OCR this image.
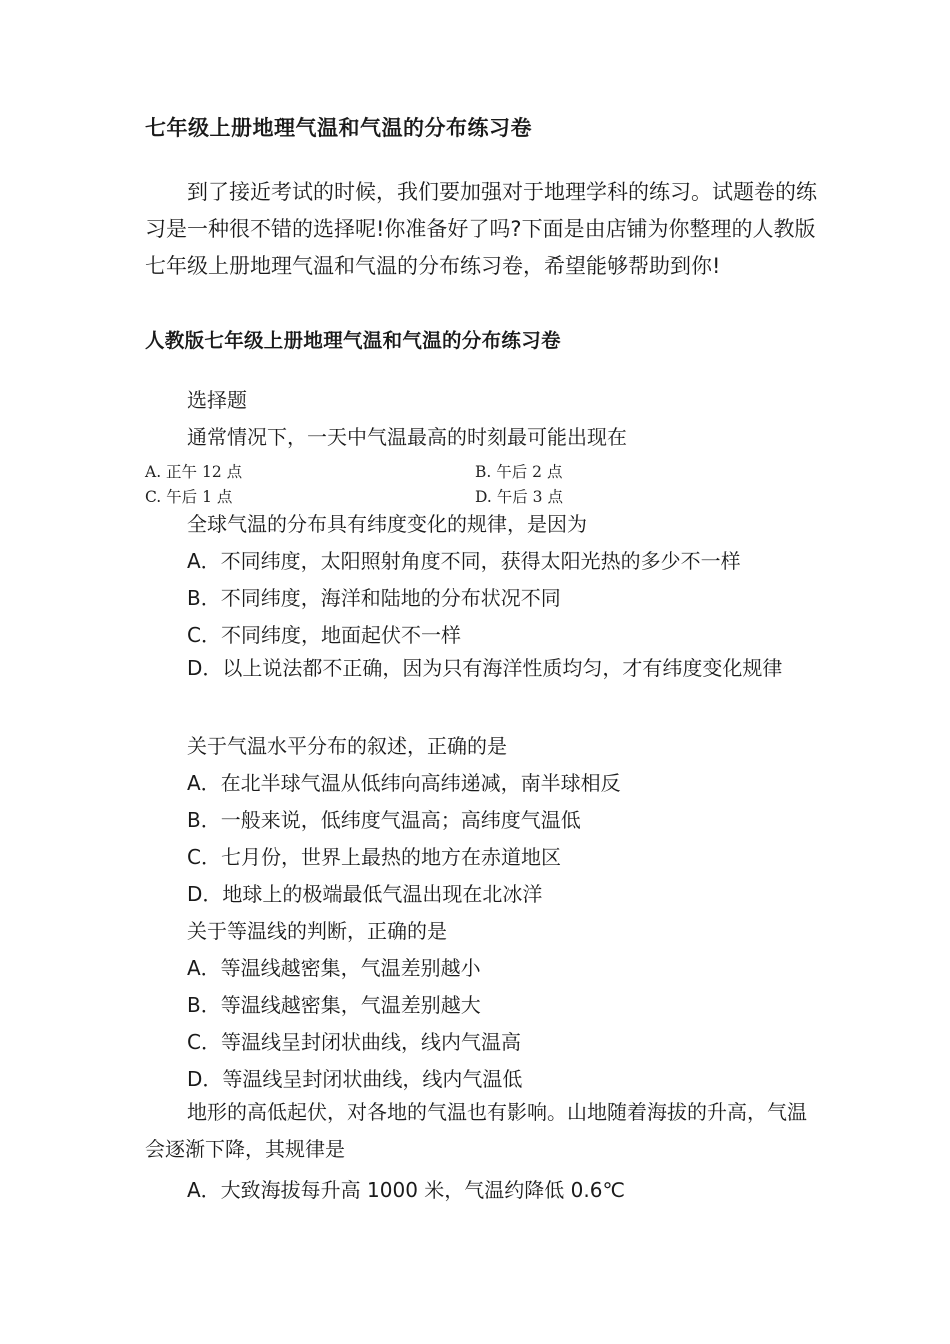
七年级上册地理气温和气温的分布练习卷
到了接近考试的时候，我们要加强对于地理学科的练习。试题卷的练习是一种很不错的选择呢!你准备好了吗?下面是由店铺为你整理的人教版七年级上册地理气温和气温的分布练习卷，希望能够帮助到你!
人教版七年级上册地理气温和气温的分布练习卷
选择题
通常情况下，一天中气温最高的时刻最可能出现在
A. 正午 12 点	B. 午后 2 点
C. 午后 1 点	D. 午后 3 点
全球气温的分布具有纬度变化的规律，是因为
A．不同纬度，太阳照射角度不同，获得太阳光热的多少不一样
B．不同纬度，海洋和陆地的分布状况不同
C．不同纬度，地面起伏不一样
D．以上说法都不正确，因为只有海洋性质均匀，才有纬度变化规律
关于气温水平分布的叙述，正确的是
A．在北半球气温从低纬向高纬递减，南半球相反
B．一般来说，低纬度气温高；高纬度气温低
C．七月份，世界上最热的地方在赤道地区
D．地球上的极端最低气温出现在北冰洋
关于等温线的判断，正确的是
A．等温线越密集，气温差别越小
B．等温线越密集，气温差别越大
C．等温线呈封闭状曲线，线内气温高
D．等温线呈封闭状曲线，线内气温低
地形的高低起伏，对各地的气温也有影响。山地随着海拔的升高，气温会逐渐下降，其规律是
A．大致海拔每升高 1000 米，气温约降低 0.6℃
